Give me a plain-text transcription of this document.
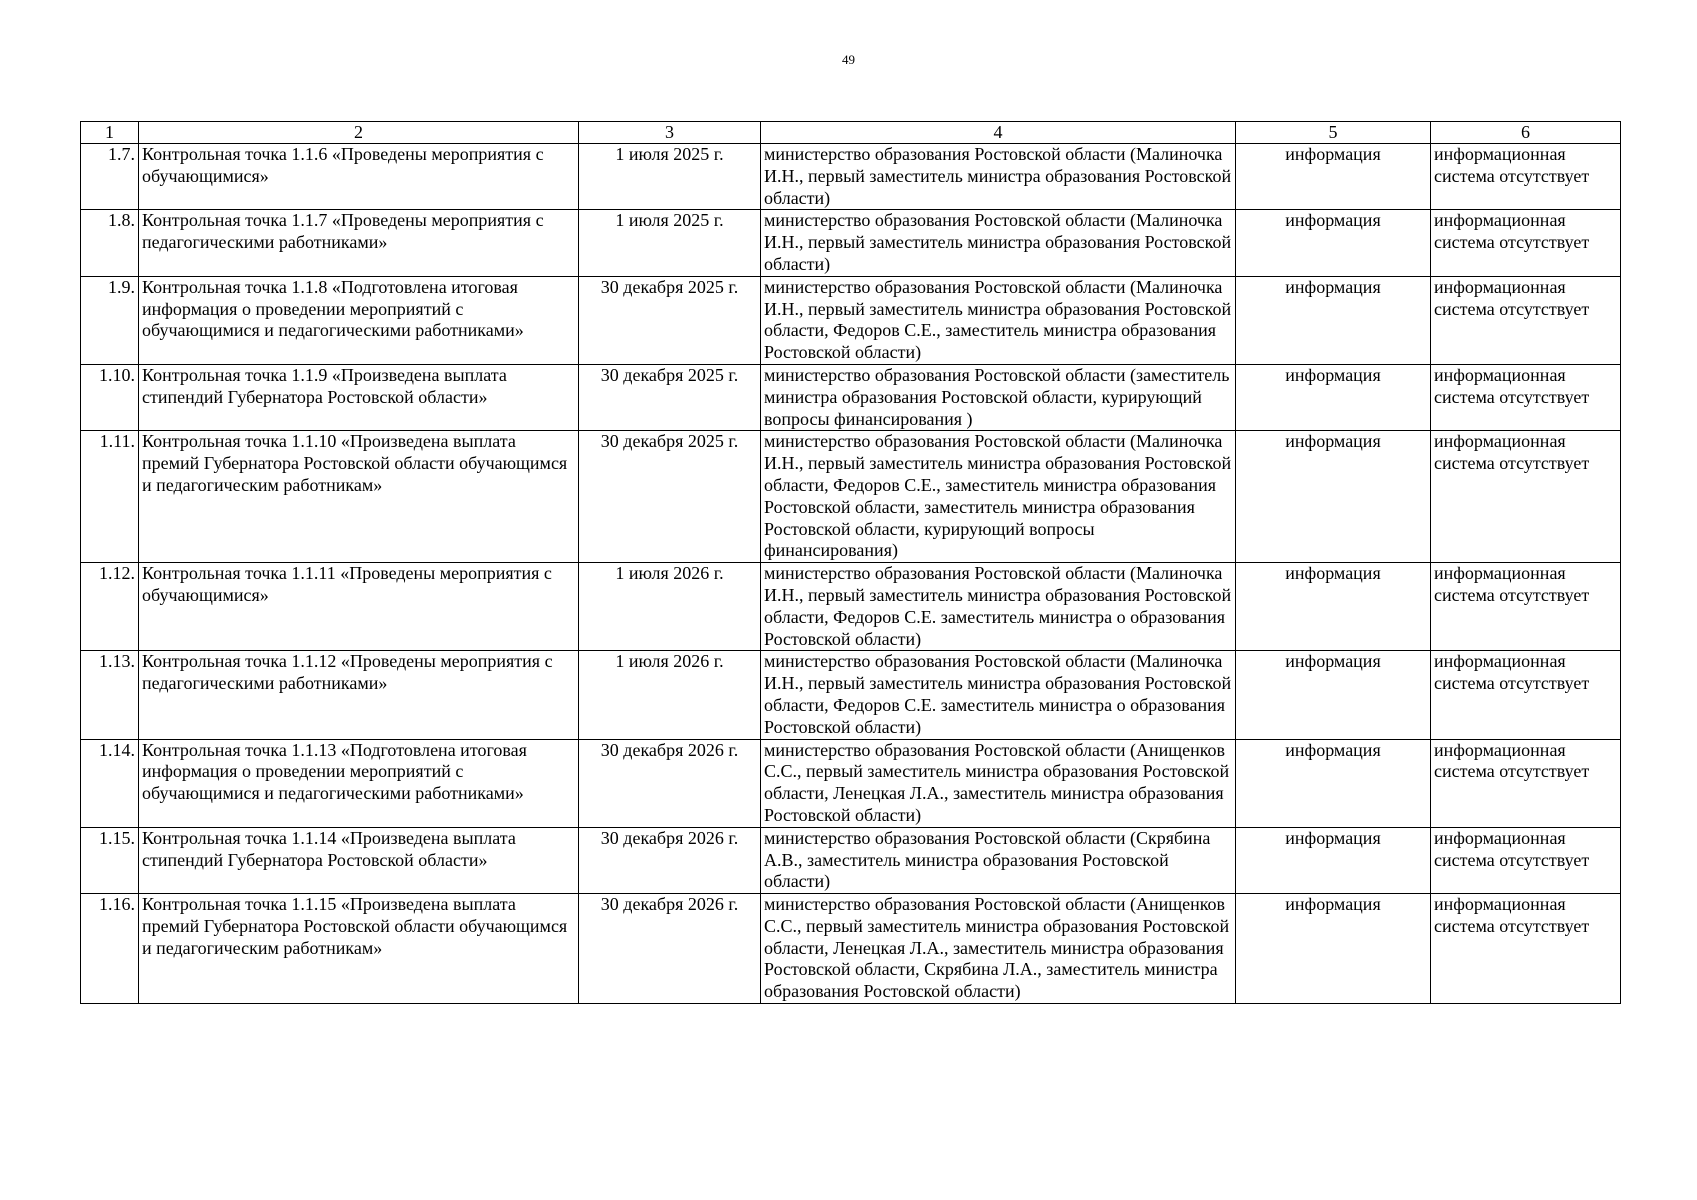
49
1	2	3	4	5	6
1.7.	Контрольная точка 1.1.6 «Проведены мероприятия с обучающимися»	1 июля 2025 г.	министерство образования Ростовской области (Малиночка И.Н., первый заместитель министра образования Ростовской области)	информация	информационная система отсутствует
1.8.	Контрольная точка 1.1.7 «Проведены мероприятия с педагогическими работниками»	1 июля 2025 г.	министерство образования Ростовской области (Малиночка И.Н., первый заместитель министра образования Ростовской области)	информация	информационная система отсутствует
1.9.	Контрольная точка 1.1.8 «Подготовлена итоговая информация о проведении мероприятий с обучающимися и педагогическими работниками»	30 декабря 2025 г.	министерство образования Ростовской области (Малиночка И.Н., первый заместитель министра образования Ростовской области, Федоров С.Е., заместитель министра образования Ростовской области)	информация	информационная система отсутствует
1.10.	Контрольная точка 1.1.9 «Произведена выплата стипендий Губернатора Ростовской области»	30 декабря 2025 г.	министерство образования Ростовской области (заместитель министра образования Ростовской области, курирующий вопросы финансирования )	информация	информационная система отсутствует
1.11.	Контрольная точка 1.1.10 «Произведена выплата премий Губернатора Ростовской области обучающимся и педагогическим работникам»	30 декабря 2025 г.	министерство образования Ростовской области (Малиночка И.Н., первый заместитель министра образования Ростовской области, Федоров С.Е., заместитель министра образования Ростовской области, заместитель министра образования Ростовской области, курирующий вопросы финансирования)	информация	информационная система отсутствует
1.12.	Контрольная точка 1.1.11 «Проведены мероприятия с обучающимися»	1 июля 2026 г.	министерство образования Ростовской области (Малиночка И.Н., первый заместитель министра образования Ростовской области, Федоров С.Е. заместитель министра о образования Ростовской области)	информация	информационная система отсутствует
1.13.	Контрольная точка 1.1.12 «Проведены мероприятия с педагогическими работниками»	1 июля 2026 г.	министерство образования Ростовской области (Малиночка И.Н., первый заместитель министра образования Ростовской области, Федоров С.Е. заместитель министра о образования Ростовской области)	информация	информационная система отсутствует
1.14.	Контрольная точка 1.1.13 «Подготовлена итоговая информация о проведении мероприятий с обучающимися и педагогическими работниками»	30 декабря 2026 г.	министерство образования Ростовской области (Анищенков С.С., первый заместитель министра образования Ростовской области, Ленецкая Л.А., заместитель министра образования Ростовской области)	информация	информационная система отсутствует
1.15.	Контрольная точка 1.1.14 «Произведена выплата стипендий Губернатора Ростовской области»	30 декабря 2026 г.	министерство образования Ростовской области (Скрябина А.В., заместитель министра образования Ростовской области)	информация	информационная система отсутствует
1.16.	Контрольная точка 1.1.15 «Произведена выплата премий Губернатора Ростовской области обучающимся и педагогическим работникам»	30 декабря 2026 г.	министерство образования Ростовской области (Анищенков С.С., первый заместитель министра образования Ростовской области, Ленецкая Л.А., заместитель министра образования Ростовской области, Скрябина Л.А., заместитель министра образования Ростовской области)	информация	информационная система отсутствует
